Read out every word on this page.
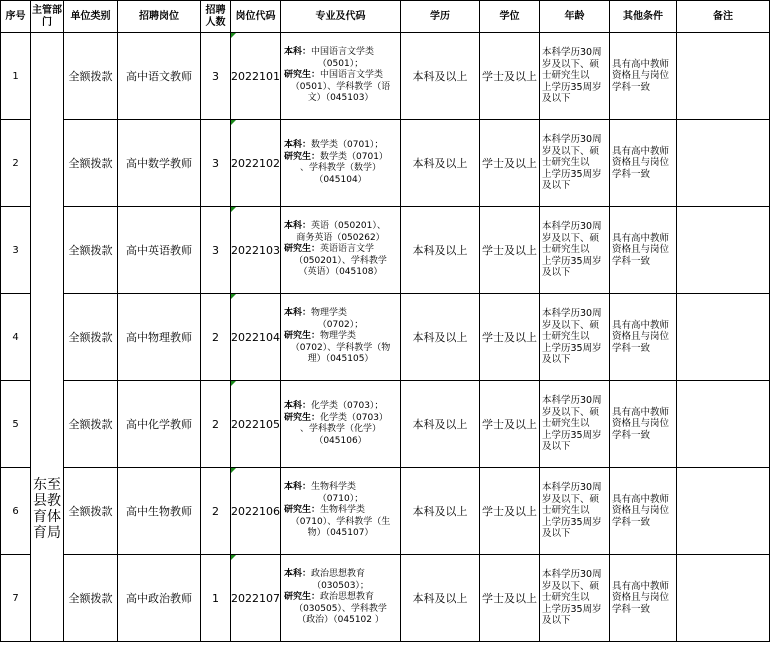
序号	主管部门	单位类别	招聘岗位	招聘人数	岗位代码	专业及代码	学历	学位	年龄	其他条件	备注
1	东至
县教
育体
育局	全额拨款	高中语文教师	3	2022101	本科：中国语言文学类
（0501）；
研究生：中国语言文学类
（0501）、学科教学（语
文）（045103）	本科及以上	学士及以上	本科学历30周
岁及以下、硕
士研究生以
上学历35周岁
及以下	具有高中教师
资格且与岗位
学科一致	

2		全额拨款	高中数学教师	3	2022102	本科：数学类（0701）；
研究生：数学类（0701）
、学科教学（数学）
（045104）	本科及以上	学士及以上	本科学历30周
岁及以下、硕
士研究生以
上学历35周岁
及以下	具有高中教师
资格且与岗位
学科一致	

3		全额拨款	高中英语教师	3	2022103	本科：英语（050201）、
商务英语（050262）
研究生：英语语言文学
（050201）、学科教学
（英语）（045108）	本科及以上	学士及以上	本科学历30周
岁及以下、硕
士研究生以
上学历35周岁
及以下	具有高中教师
资格且与岗位
学科一致	

4		全额拨款	高中物理教师	2	2022104	本科：物理学类
（0702）；
研究生：物理学类
（0702）、学科教学（物
理）（045105）	本科及以上	学士及以上	本科学历30周
岁及以下、硕
士研究生以
上学历35周岁
及以下	具有高中教师
资格且与岗位
学科一致	

5		全额拨款	高中化学教师	2	2022105	本科：化学类（0703）；
研究生：化学类（0703）
、学科教学（化学）
（045106）	本科及以上	学士及以上	本科学历30周
岁及以下、硕
士研究生以
上学历35周岁
及以下	具有高中教师
资格且与岗位
学科一致	

6		全额拨款	高中生物教师	2	2022106	本科：生物科学类
（0710）；
研究生：生物科学类
（0710）、学科教学（生
物）（045107）	本科及以上	学士及以上	本科学历30周
岁及以下、硕
士研究生以
上学历35周岁
及以下	具有高中教师
资格且与岗位
学科一致	

7		全额拨款	高中政治教师	1	2022107	本科：政治思想教育
（030503）；
研究生：政治思想教育
（030505）、学科教学
（政治）（045102 ）	本科及以上	学士及以上	本科学历30周
岁及以下、硕
士研究生以
上学历35周岁
及以下	具有高中教师
资格且与岗位
学科一致	
